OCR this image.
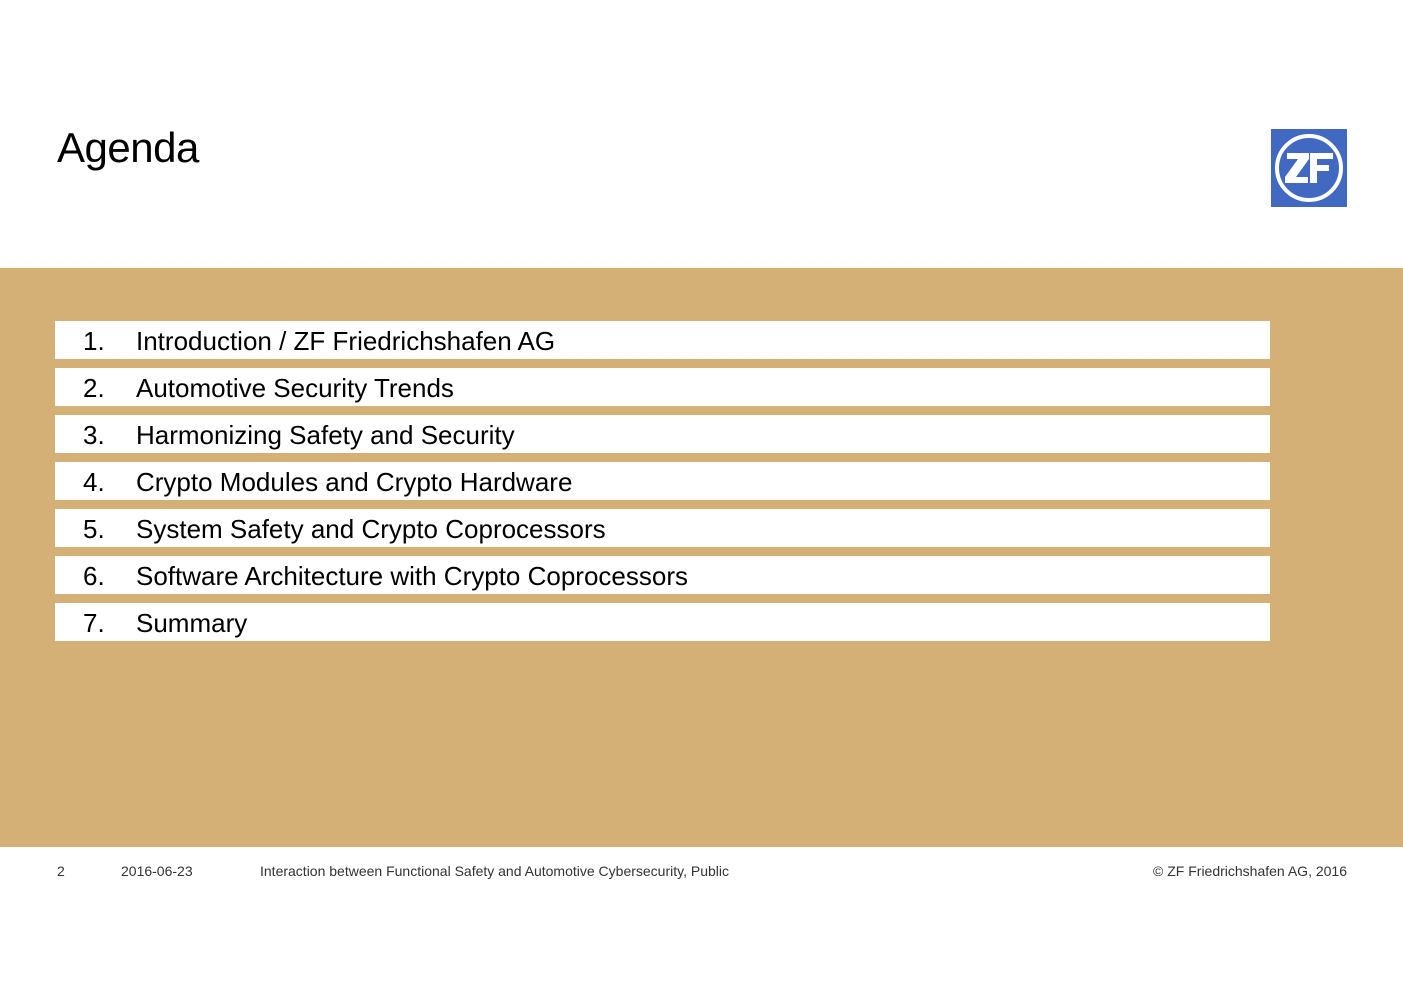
Agenda
1. Introduction / ZF Friedrichshafen AG
2. Automotive Security Trends
3. Harmonizing Safety and Security
4. Crypto Modules and Crypto Hardware
5. System Safety and Crypto Coprocessors
6. Software Architecture with Crypto Coprocessors
7. Summary
2	2016-06-23	Interaction between Functional Safety and Automotive Cybersecurity, Public	© ZF Friedrichshafen AG, 2016
